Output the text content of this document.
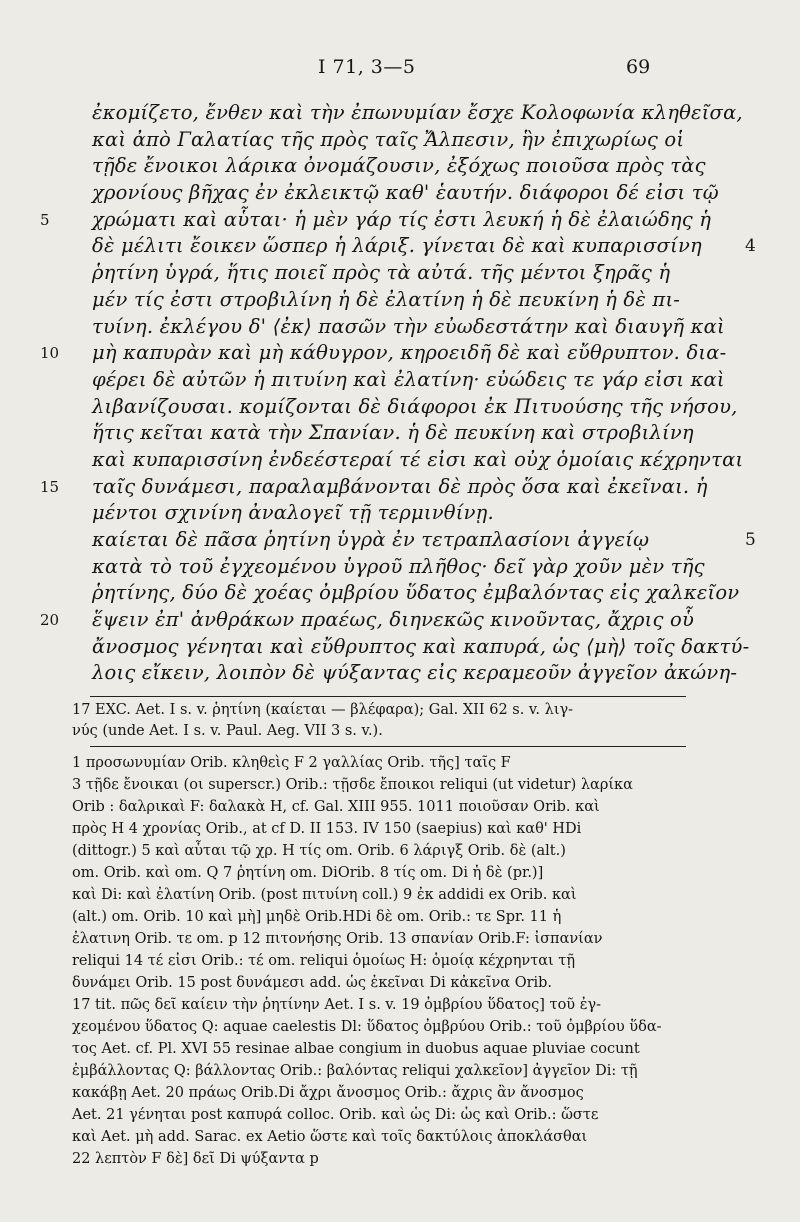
I 71, 3—5	69
ἐκομίζετο, ἔνθεν καὶ τὴν ἐπωνυμίαν ἔσχε Κολοφωνία κληθεῖσα,
καὶ ἀπὸ Γαλατίας τῆς πρὸς ταῖς Ἄλπεσιν, ἣν ἐπιχωρίως οἱ
τῇδε ἔνοικοι λάρικα ὀνομάζουσιν, ἐξόχως ποιοῦσα πρὸς τὰς
χρονίους βῆχας ἐν ἐκλεικτῷ καθ' ἑαυτήν. διάφοροι δέ εἰσι τῷ
5	χρώματι καὶ αὗται· ἡ μὲν γάρ τίς ἐστι λευκή ἡ δὲ ἐλαιώδης ἡ
δὲ μέλιτι ἔοικεν ὥσπερ ἡ λάριξ. γίνεται δὲ καὶ κυπαρισσίνη	4
ῥητίνη ὑγρά, ἥτις ποιεῖ πρὸς τὰ αὐτά. τῆς μέντοι ξηρᾶς ἡ
μέν τίς ἐστι στροβιλίνη ἡ δὲ ἐλατίνη ἡ δὲ πευκίνη ἡ δὲ πι-
τυίνη. ἐκλέγου δ' ⟨ἐκ⟩ πασῶν τὴν εὐωδεστάτην καὶ διαυγῆ καὶ
10	μὴ καπυρὰν καὶ μὴ κάθυγρον, κηροειδῆ δὲ καὶ εὔθρυπτον. δια-
φέρει δὲ αὐτῶν ἡ πιτυίνη καὶ ἐλατίνη· εὐώδεις τε γάρ εἰσι καὶ
λιβανίζουσαι. κομίζονται δὲ διάφοροι ἐκ Πιτυούσης τῆς νήσου,
ἥτις κεῖται κατὰ τὴν Σπανίαν. ἡ δὲ πευκίνη καὶ στροβιλίνη
καὶ κυπαρισσίνη ἐνδεέστεραί τέ εἰσι καὶ οὐχ ὁμοίαις κέχρηνται
15	ταῖς δυνάμεσι, παραλαμβάνονται δὲ πρὸς ὅσα καὶ ἐκεῖναι. ἡ
μέντοι σχινίνη ἀναλογεῖ τῇ τερμινθίνῃ.
καίεται δὲ πᾶσα ῥητίνη ὑγρὰ ἐν τετραπλασίονι ἀγγείῳ	5
κατὰ τὸ τοῦ ἐγχεομένου ὑγροῦ πλῆθος· δεῖ γὰρ χοῦν μὲν τῆς
ῥητίνης, δύο δὲ χοέας ὀμβρίου ὕδατος ἐμβαλόντας εἰς χαλκεῖον
20	ἕψειν ἐπ' ἀνθράκων πραέως, διηνεκῶς κινοῦντας, ἄχρις οὗ
ἄνοσμος γένηται καὶ εὔθρυπτος καὶ καπυρά, ὡς ⟨μὴ⟩ τοῖς δακτύ-
λοις εἴκειν, λοιπὸν δὲ ψύξαντας εἰς κεραμεοῦν ἀγγεῖον ἀκώνη-
17 EXC. Aet. I s. v. ῥητίνη (καίεται — βλέφαρα); Gal. XII 62 s. v. λιγ-
νύς (unde Aet. I s. v. Paul. Aeg. VII 3 s. v.).
1 προσωνυμίαν Orib. κληθεὶς F 2 γαλλίας Orib. τῆς] ταῖς F
3 τῇδε ἔνοικαι (οι superscr.) Orib.: τῇσδε ἔποικοι reliqui (ut videtur) λαρίκα
Orib : δαλρικαὶ F: δαλακὰ H, cf. Gal. XIII 955. 1011 ποιοῦσαν Orib. καὶ
πρὸς H 4 χρονίας Orib., at cf D. II 153. IV 150 (saepius) καὶ καθ' HDi
(dittogr.) 5 καὶ αὗται τῷ χρ. H τίς om. Orib. 6 λάριγξ Orib. δὲ (alt.)
om. Orib. καὶ om. Q 7 ῥητίνη om. DiOrib. 8 τίς om. Di ἡ δὲ (pr.)]
καὶ Di: καὶ ἐλατίνη Orib. (post πιτυίνη coll.) 9 ἐκ addidi ex Orib. καὶ
(alt.) om. Orib. 10 καὶ μὴ] μηδὲ Orib.HDi δὲ om. Orib.: τε Spr. 11 ἡ
ἐλατινη Orib. τε om. p 12 πιτονήσης Orib. 13 σπανίαν Orib.F: ἰσπανίαν
reliqui 14 τέ εἰσι Orib.: τέ om. reliqui ὁμοίως H: ὁμοίᾳ κέχρηνται τῇ
δυνάμει Orib. 15 post δυνάμεσι add. ὡς ἐκεῖναι Di κἀκεῖνα Orib.
17 tit. πῶς δεῖ καίειν τὴν ῥητίνην Aet. I s. v. 19 ὀμβρίου ὕδατος] τοῦ ἐγ-
χεομένου ὕδατος Q: aquae caelestis Dl: ὕδατος ὀμβρύου Orib.: τοῦ ὀμβρίου ὕδα-
τος Aet. cf. Pl. XVI 55 resinae albae congium in duobus aquae pluviae cocunt
ἐμβάλλοντας Q: βάλλοντας Orib.: βαλόντας reliqui χαλκεῖον] ἀγγεῖον Di: τῇ
κακάβῃ Aet. 20 πράως Orib.Di ἄχρι ἄνοσμος Orib.: ἄχρις ἂν ἄνοσμος
Aet. 21 γένηται post καπυρά colloc. Orib. καὶ ὡς Di: ὡς καὶ Orib.: ὥστε
καὶ Aet. μὴ add. Sarac. ex Aetio ὥστε καὶ τοῖς δακτύλοις ἀποκλάσθαι
22 λεπτὸν F δὲ] δεῖ Di ψύξαντα p
